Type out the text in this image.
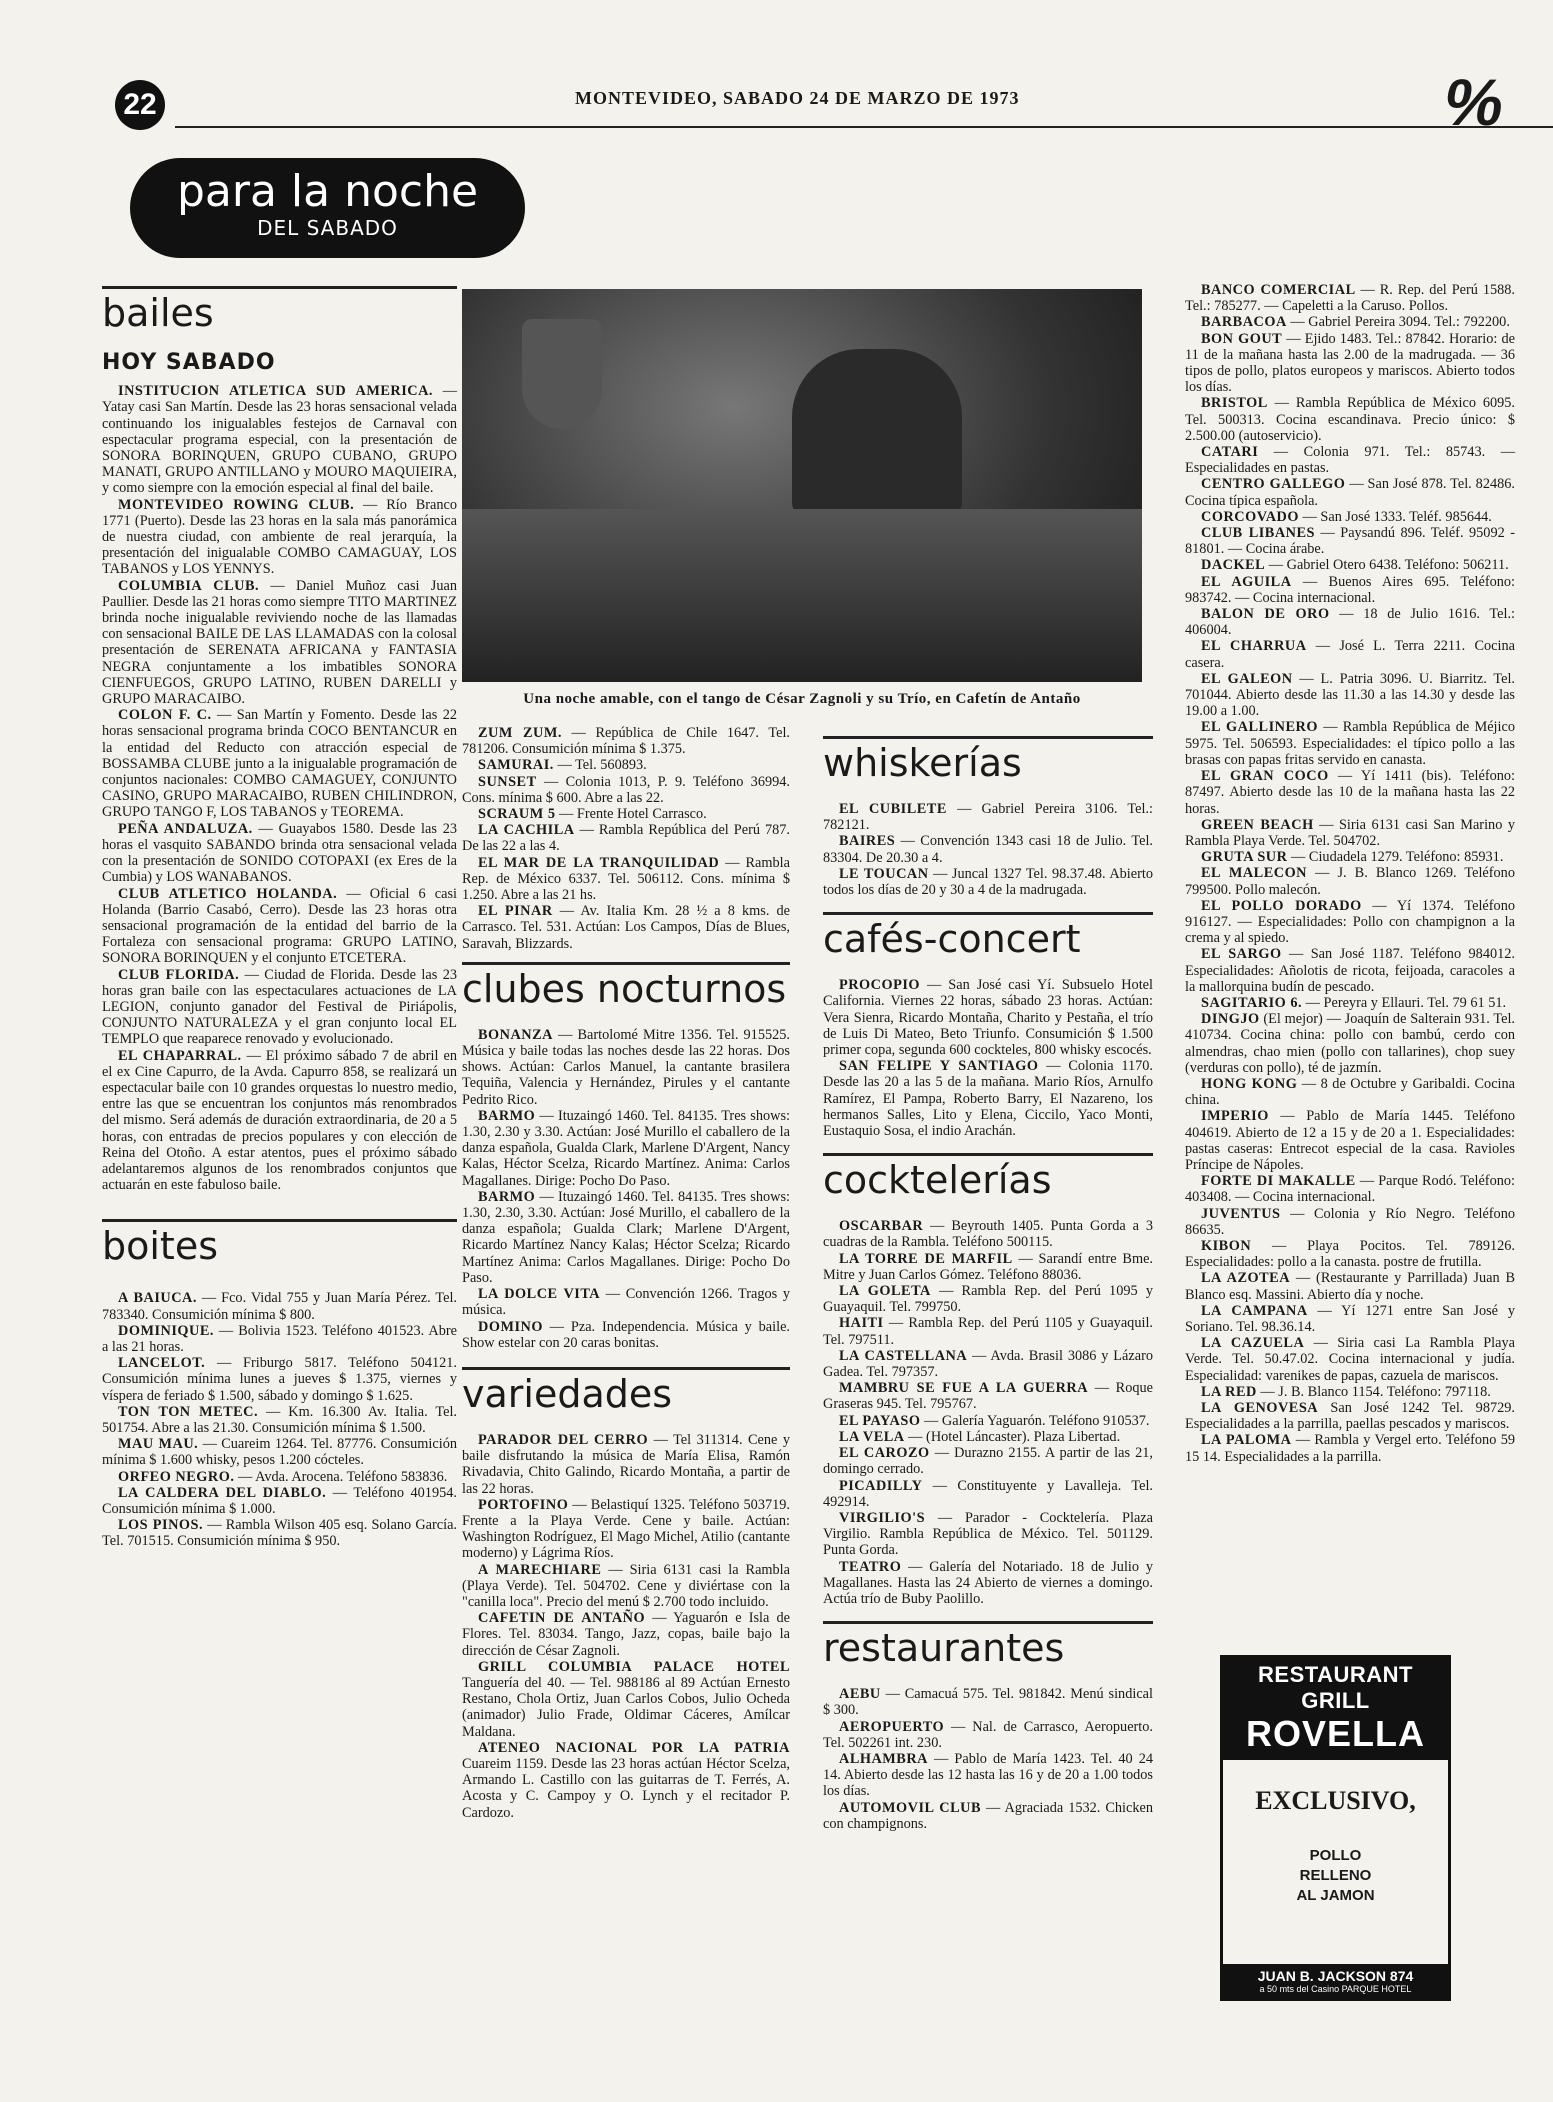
22	MONTEVIDEO, SABADO 24 DE MARZO DE 1973	%
para la noche
DEL SABADO
bailes
HOY SABADO

INSTITUCION ATLETICA SUD AMERICA. — Yatay casi San Martín. Desde las 23 horas sensacional velada continuando los inigualables festejos de Carnaval con espectacular programa especial, con la presentación de SONORA BORINQUEN, GRUPO CUBANO, GRUPO MANATI, GRUPO ANTILLANO y MOURO MAQUIEIRA, y como siempre con la emoción especial al final del baile.

MONTEVIDEO ROWING CLUB. — Río Branco 1771 (Puerto). Desde las 23 horas en la sala más panorámica de nuestra ciudad, con ambiente de real jerarquía, la presentación del inigualable COMBO CAMAGUAY, LOS TABANOS y LOS YENNYS.

COLUMBIA CLUB. — Daniel Muñoz casi Juan Paullier. Desde las 21 horas como siempre TITO MARTINEZ brinda noche inigualable reviviendo noche de las llamadas con sensacional BAILE DE LAS LLAMADAS con la colosal presentación de SERENATA AFRICANA y FANTASIA NEGRA conjuntamente a los imbatibles SONORA CIENFUEGOS, GRUPO LATINO, RUBEN DARELLI y GRUPO MARACAIBO.

COLON F. C. — San Martín y Fomento. Desde las 22 horas sensacional programa brinda COCO BENTANCUR en la entidad del Reducto con atracción especial de BOSSAMBA CLUBE junto a la inigualable programación de conjuntos nacionales: COMBO CAMAGUEY, CONJUNTO CASINO, GRUPO MARACAIBO, RUBEN CHILINDRON, GRUPO TANGO F, LOS TABANOS y TEOREMA.

PEÑA ANDALUZA. — Guayabos 1580. Desde las 23 horas el vasquito SABANDO brinda otra sensacional velada con la presentación de SONIDO COTOPAXI (ex Eres de la Cumbia) y LOS WANABANOS.

CLUB ATLETICO HOLANDA. — Oficial 6 casi Holanda (Barrio Casabó, Cerro). Desde las 23 horas otra sensacional programación de la entidad del barrio de la Fortaleza con sensacional programa: GRUPO LATINO, SONORA BORINQUEN y el conjunto ETCETERA.

CLUB FLORIDA. — Ciudad de Florida. Desde las 23 horas gran baile con las espectaculares actuaciones de LA LEGION, conjunto ganador del Festival de Piriápolis, CONJUNTO NATURALEZA y el gran conjunto local EL TEMPLO que reaparece renovado y evolucionado.

EL CHAPARRAL. — El próximo sábado 7 de abril en el ex Cine Capurro, de la Avda. Capurro 858, se realizará un espectacular baile con 10 grandes orquestas lo nuestro medio, entre las que se encuentran los conjuntos más renombrados del mismo. Será además de duración extraordinaria, de 20 a 5 horas, con entradas de precios populares y con elección de Reina del Otoño. A estar atentos, pues el próximo sábado adelantaremos algunos de los renombrados conjuntos que actuarán en este fabuloso baile.

boites

A BAIUCA. — Fco. Vidal 755 y Juan María Pérez. Tel. 783340. Consumición mínima $ 800.

DOMINIQUE. — Bolivia 1523. Teléfono 401523. Abre a las 21 horas.

LANCELOT. — Friburgo 5817. Teléfono 504121. Consumición mínima lunes a jueves $ 1.375, viernes y víspera de feriado $ 1.500, sábado y domingo $ 1.625.

TON TON METEC. — Km. 16.300 Av. Italia. Tel. 501754. Abre a las 21.30. Consumición mínima $ 1.500.

MAU MAU. — Cuareim 1264. Tel. 87776. Consumición mínima $ 1.600 whisky, pesos 1.200 cócteles.

ORFEO NEGRO. — Avda. Arocena. Teléfono 583836.

LA CALDERA DEL DIABLO. — Teléfono 401954. Consumición mínima $ 1.000.

LOS PINOS. — Rambla Wilson 405 esq. Solano García. Tel. 701515. Consumición mínima $ 950.

Una noche amable, con el tango de César Zagnoli y su Trío, en Cafetín de Antaño

ZUM ZUM. — República de Chile 1647. Tel. 781206. Consumición mínima $ 1.375.

SAMURAI. — Tel. 560893.

SUNSET — Colonia 1013, P. 9. Teléfono 36994. Cons. mínima $ 600. Abre a las 22.

SCRAUM 5 — Frente Hotel Carrasco.

LA CACHILA — Rambla República del Perú 787. De las 22 a las 4.

EL MAR DE LA TRANQUILIDAD — Rambla Rep. de México 6337. Tel. 506112. Cons. mínima $ 1.250. Abre a las 21 hs.

EL PINAR — Av. Italia Km. 28 ½ a 8 kms. de Carrasco. Tel. 531. Actúan: Los Campos, Días de Blues, Saravah, Blizzards.

clubes nocturnos

BONANZA — Bartolomé Mitre 1356. Tel. 915525. Música y baile todas las noches desde las 22 horas. Dos shows. Actúan: Carlos Manuel, la cantante brasilera Tequiña, Valencia y Hernández, Pirules y el cantante Pedrito Rico.

BARMO — Ituzaingó 1460. Tel. 84135. Tres shows: 1.30, 2.30 y 3.30. Actúan: José Murillo el caballero de la danza española, Gualda Clark, Marlene D'Argent, Nancy Kalas, Héctor Scelza, Ricardo Martínez. Anima: Carlos Magallanes. Dirige: Pocho Do Paso.

BARMO — Ituzaingó 1460. Tel. 84135. Tres shows: 1.30, 2.30, 3.30. Actúan: José Murillo, el caballero de la danza española; Gualda Clark; Marlene D'Argent, Ricardo Martínez Nancy Kalas; Héctor Scelza; Ricardo Martínez Anima: Carlos Magallanes. Dirige: Pocho Do Paso.

LA DOLCE VITA — Convención 1266. Tragos y música.

DOMINO — Pza. Independencia. Música y baile. Show estelar con 20 caras bonitas.

variedades

PARADOR DEL CERRO — Tel 311314. Cene y baile disfrutando la música de María Elisa, Ramón Rivadavia, Chito Galindo, Ricardo Montaña, a partir de las 22 horas.

PORTOFINO — Belastiquí 1325. Teléfono 503719. Frente a la Playa Verde. Cene y baile. Actúan: Washington Rodríguez, El Mago Michel, Atilio (cantante moderno) y Lágrima Ríos.

A MARECHIARE — Siria 6131 casi la Rambla (Playa Verde). Tel. 504702. Cene y diviértase con la "canilla loca". Precio del menú $ 2.700 todo incluido.

CAFETIN DE ANTAÑO — Yaguarón e Isla de Flores. Tel. 83034. Tango, Jazz, copas, baile bajo la dirección de César Zagnoli.

GRILL COLUMBIA PALACE HOTEL Tanguería del 40. — Tel. 988186 al 89 Actúan Ernesto Restano, Chola Ortiz, Juan Carlos Cobos, Julio Ocheda (animador) Julio Frade, Oldimar Cáceres, Amílcar Maldana.

ATENEO NACIONAL POR LA PATRIA Cuareim 1159. Desde las 23 horas actúan Héctor Scelza, Armando L. Castillo con las guitarras de T. Ferrés, A. Acosta y C. Campoy y O. Lynch y el recitador P. Cardozo.

whiskerías

EL CUBILETE — Gabriel Pereira 3106. Tel.: 782121.

BAIRES — Convención 1343 casi 18 de Julio. Tel. 83304. De 20.30 a 4.

LE TOUCAN — Juncal 1327 Tel. 98.37.48. Abierto todos los días de 20 y 30 a 4 de la madrugada.

cafés-concert

PROCOPIO — San José casi Yí. Subsuelo Hotel California. Viernes 22 horas, sábado 23 horas. Actúan: Vera Sienra, Ricardo Montaña, Charito y Pestaña, el trío de Luis Di Mateo, Beto Triunfo. Consumición $ 1.500 primer copa, segunda 600 cockteles, 800 whisky escocés.

SAN FELIPE Y SANTIAGO — Colonia 1170. Desde las 20 a las 5 de la mañana. Mario Ríos, Arnulfo Ramírez, El Pampa, Roberto Barry, El Nazareno, los hermanos Salles, Lito y Elena, Ciccilo, Yaco Monti, Eustaquio Sosa, el indio Arachán.

cocktelerías

OSCARBAR — Beyrouth 1405. Punta Gorda a 3 cuadras de la Rambla. Teléfono 500115.

LA TORRE DE MARFIL — Sarandí entre Bme. Mitre y Juan Carlos Gómez. Teléfono 88036.

LA GOLETA — Rambla Rep. del Perú 1095 y Guayaquil. Tel. 799750.

HAITI — Rambla Rep. del Perú 1105 y Guayaquil. Tel. 797511.

LA CASTELLANA — Avda. Brasil 3086 y Lázaro Gadea. Tel. 797357.

MAMBRU SE FUE A LA GUERRA — Roque Graseras 945. Tel. 795767.

EL PAYASO — Galería Yaguarón. Teléfono 910537.

LA VELA — (Hotel Láncaster). Plaza Libertad.

EL CAROZO — Durazno 2155. A partir de las 21, domingo cerrado.

PICADILLY — Constituyente y Lavalleja. Tel. 492914.

VIRGILIO'S — Parador - Cocktelería. Plaza Virgilio. Rambla República de México. Tel. 501129. Punta Gorda.

TEATRO — Galería del Notariado. 18 de Julio y Magallanes. Hasta las 24 Abierto de viernes a domingo. Actúa trío de Buby Paolillo.

restaurantes

AEBU — Camacuá 575. Tel. 981842. Menú sindical $ 300.

AEROPUERTO — Nal. de Carrasco, Aeropuerto. Tel. 502261 int. 230.

ALHAMBRA — Pablo de María 1423. Tel. 40 24 14. Abierto desde las 12 hasta las 16 y de 20 a 1.00 todos los días.

AUTOMOVIL CLUB — Agraciada 1532. Chicken con champignons.

BANCO COMERCIAL — R. Rep. del Perú 1588. Tel.: 785277. — Capeletti a la Caruso. Pollos.

BARBACOA — Gabriel Pereira 3094. Tel.: 792200.

BON GOUT — Ejido 1483. Tel.: 87842. Horario: de 11 de la mañana hasta las 2.00 de la madrugada. — 36 tipos de pollo, platos europeos y mariscos. Abierto todos los días.

BRISTOL — Rambla República de México 6095. Tel. 500313. Cocina escandinava. Precio único: $ 2.500.00 (autoservicio).

CATARI — Colonia 971. Tel.: 85743. — Especialidades en pastas.

CENTRO GALLEGO — San José 878. Tel. 82486. Cocina típica española.

CORCOVADO — San José 1333. Teléf. 985644.

CLUB LIBANES — Paysandú 896. Teléf. 95092 - 81801. — Cocina árabe.

DACKEL — Gabriel Otero 6438. Teléfono: 506211.

EL AGUILA — Buenos Aires 695. Teléfono: 983742. — Cocina internacional.

BALON DE ORO — 18 de Julio 1616. Tel.: 406004.

EL CHARRUA — José L. Terra 2211. Cocina casera.

EL GALEON — L. Patria 3096. U. Biarritz. Tel. 701044. Abierto desde las 11.30 a las 14.30 y desde las 19.00 a 1.00.

EL GALLINERO — Rambla República de Méjico 5975. Tel. 506593. Especialidades: el típico pollo a las brasas con papas fritas servido en canasta.

EL GRAN COCO — Yí 1411 (bis). Teléfono: 87497. Abierto desde las 10 de la mañana hasta las 22 horas.

GREEN BEACH — Siria 6131 casi San Marino y Rambla Playa Verde. Tel. 504702.

GRUTA SUR — Ciudadela 1279. Teléfono: 85931.

EL MALECON — J. B. Blanco 1269. Teléfono 799500. Pollo malecón.

EL POLLO DORADO — Yí 1374. Teléfono 916127. — Especialidades: Pollo con champignon a la crema y al spiedo.

EL SARGO — San José 1187. Teléfono 984012. Especialidades: Añolotis de ricota, feijoada, caracoles a la mallorquina budín de pescado.

SAGITARIO 6. — Pereyra y Ellauri. Tel. 79 61 51.

DINGJO (El mejor) — Joaquín de Salterain 931. Tel. 410734. Cocina china: pollo con bambú, cerdo con almendras, chao mien (pollo con tallarines), chop suey (verduras con pollo), té de jazmín.

HONG KONG — 8 de Octubre y Garibaldi. Cocina china.

IMPERIO — Pablo de María 1445. Teléfono 404619. Abierto de 12 a 15 y de 20 a 1. Especialidades: pastas caseras: Entrecot especial de la casa. Ravioles Príncipe de Nápoles.

FORTE DI MAKALLE — Parque Rodó. Teléfono: 403408. — Cocina internacional.

JUVENTUS — Colonia y Río Negro. Teléfono 86635.

KIBON — Playa Pocitos. Tel. 789126. Especialidades: pollo a la canasta. postre de frutilla.

LA AZOTEA — (Restaurante y Parrillada) Juan B Blanco esq. Massini. Abierto día y noche.

LA CAMPANA — Yí 1271 entre San José y Soriano. Tel. 98.36.14.

LA CAZUELA — Siria casi La Rambla Playa Verde. Tel. 50.47.02. Cocina internacional y judía. Especialidad: varenikes de papas, cazuela de mariscos.

LA RED — J. B. Blanco 1154. Teléfono: 797118.

LA GENOVESA San José 1242 Tel. 98729. Especialidades a la parrilla, paellas pescados y mariscos.

LA PALOMA — Rambla y Vergel erto. Teléfono 59 15 14. Especialidades a la parrilla.

RESTAURANT GRILL
ROVELLA
EXCLUSIVO,
POLLO
RELLENO
AL JAMON
JUAN B. JACKSON 874
a 50 mts del Casino PARQUE HOTEL
